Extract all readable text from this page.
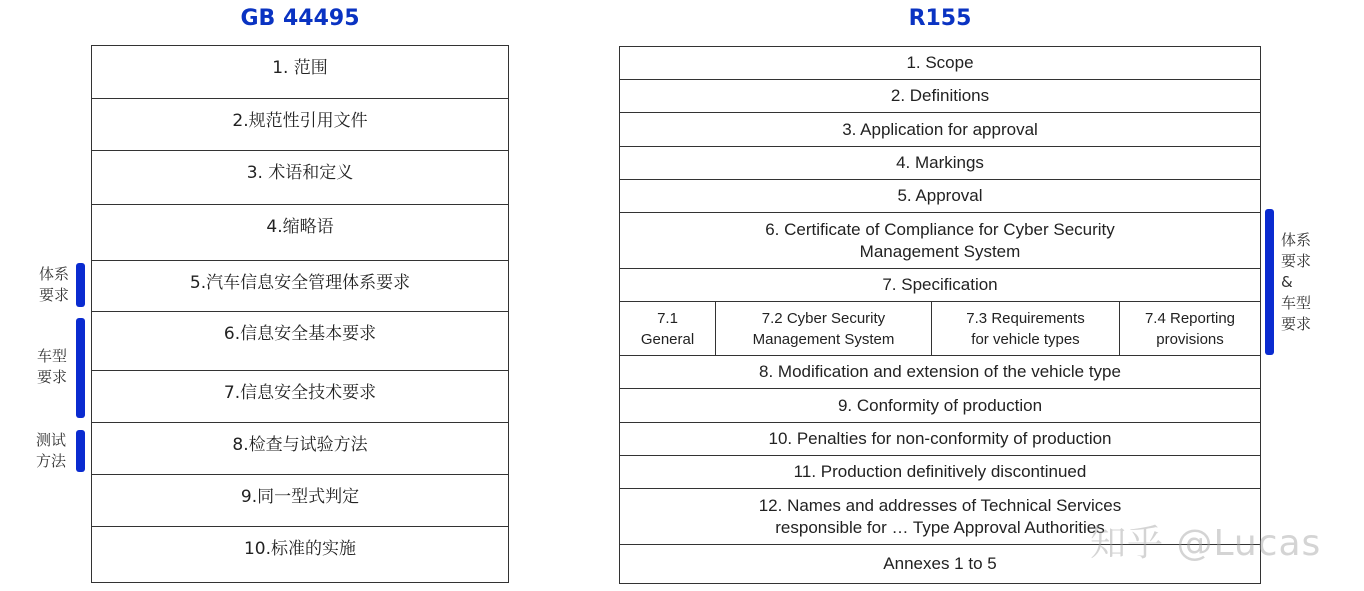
GB 44495
1. 范围
2.规范性引用文件
3. 术语和定义
4.缩略语
5.汽车信息安全管理体系要求
6.信息安全基本要求
7.信息安全技术要求
8.检查与试验方法
9.同一型式判定
10.标准的实施
体系
要求
车型
要求
测试
方法
R155
1. Scope
2. Definitions
3. Application for approval
4. Markings
5. Approval
6. Certificate of Compliance for Cyber Security
Management System
7. Specification
7.1
General
7.2 Cyber Security
Management System
7.3 Requirements
for vehicle types
7.4 Reporting
provisions
8. Modification and extension of the vehicle type
9. Conformity of production
10. Penalties for non-conformity of production
11. Production definitively discontinued
12. Names and addresses of Technical Services
responsible for … Type Approval Authorities
Annexes 1 to 5
体系
要求
&
车型
要求
知乎 @Lucas
